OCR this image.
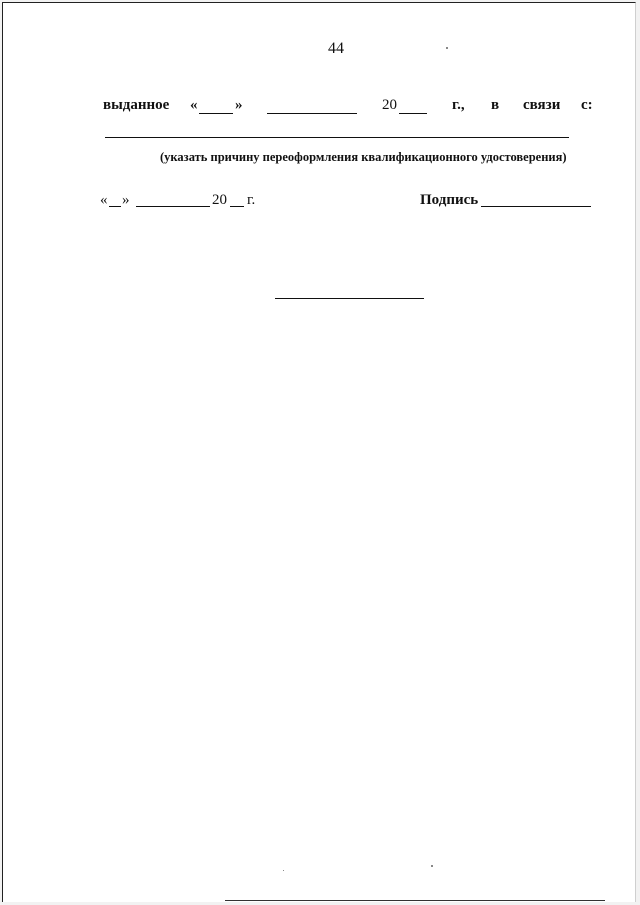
44
выданное «	»	20	г., в связи с:
(указать причину переоформления квалификационного удостоверения)
« »	20 г.	Подпись
